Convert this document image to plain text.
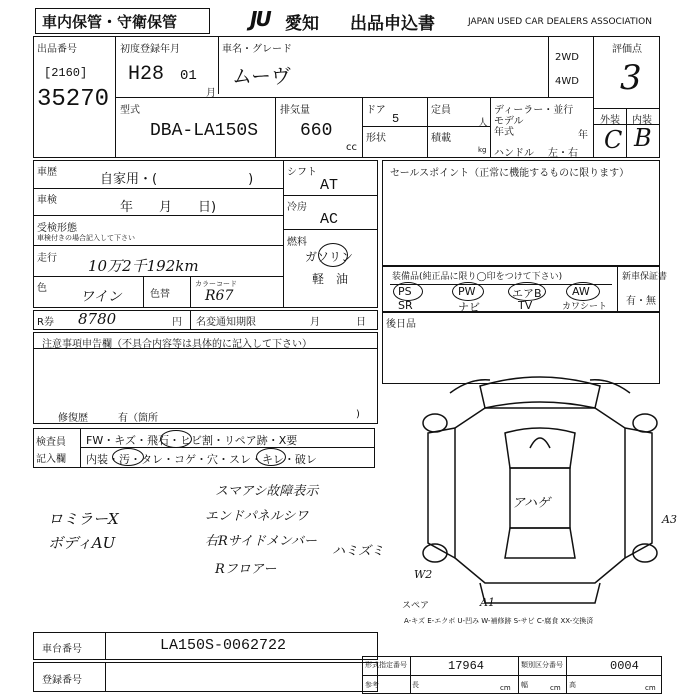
車内保管・守衛保管	JU 愛知 出品申込書	JAPAN USED CAR DEALERS ASSOCIATION
出品番号
[2160]
35270
初度登録年月
H28 01
月
車名・グレード
ムーヴ
2WD
4WD
評価点
3
外装 内装
C B
型式
DBA-LA150S
排気量
660
cc
ドア
5
形状
定員
人
積載
kg
ディーラー・並行
モデル年式	年
ハンドル 左・右
車歴	自家用・(　　　　　　　)
車検	年　　月　　日)
受検形態
車検付きの場合記入して下さい
走行 10万2千192km
色
ワイン	色替
カラーコード
R67
シフト
AT
冷房
AC
燃料
ガソリン
軽　油
セールスポイント（正常に機能するものに限ります）
装備品(純正品に限り◯印をつけて下さい)
PS	PW	エアB	AW
SR	ナビ	TV	カワシート
新車保証書
有・無
R券 8780	円 名変通知期限	月	日 後日品
注意事項申告欄（不具合内容等は具体的に記入して下さい）
修復歴	有（箇所	)
検査員
記入欄
FW・キズ・飛石・ヒビ割・リペア跡・X要
内装・汚・タレ・コゲ・穴・スレ・キレ・破レ
ロミラーX
ボディAU
スマアシ故障表示
エンドパネルシワ
右Rサイドメンバー
ハミズミ
Rフロアー
アハゲ
A3
W2
A1
スペア
A-キズ E-エクボ U-凹み W-補修跡 S-サビ C-腐食 XX-交換済
車台番号	LA150S-0062722
登録番号
形式指定番号	17964	類別区分番号	0004
参考	長	cm 幅	cm 高	cm
